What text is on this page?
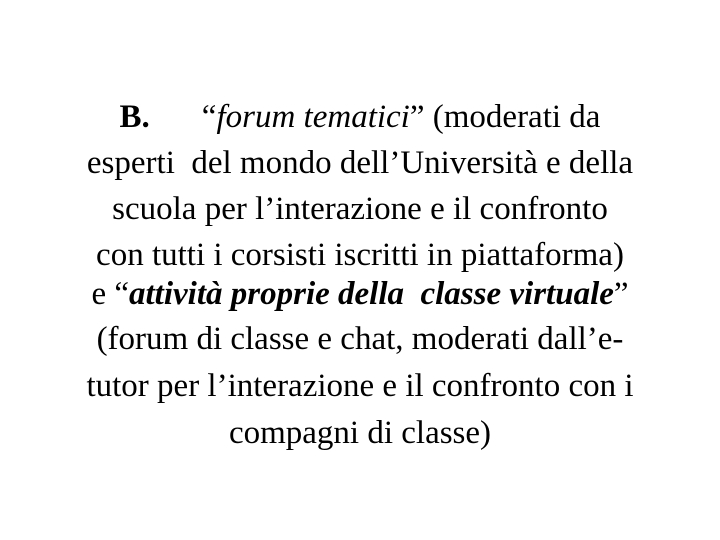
B. “forum tematici” (moderati da
esperti  del mondo dell’Università e della
scuola per l’interazione e il confronto
con tutti i corsisti iscritti in piattaforma)
e “attività proprie della  classe virtuale”
(forum di classe e chat, moderati dall’e-
tutor per l’interazione e il confronto con i
compagni di classe)
